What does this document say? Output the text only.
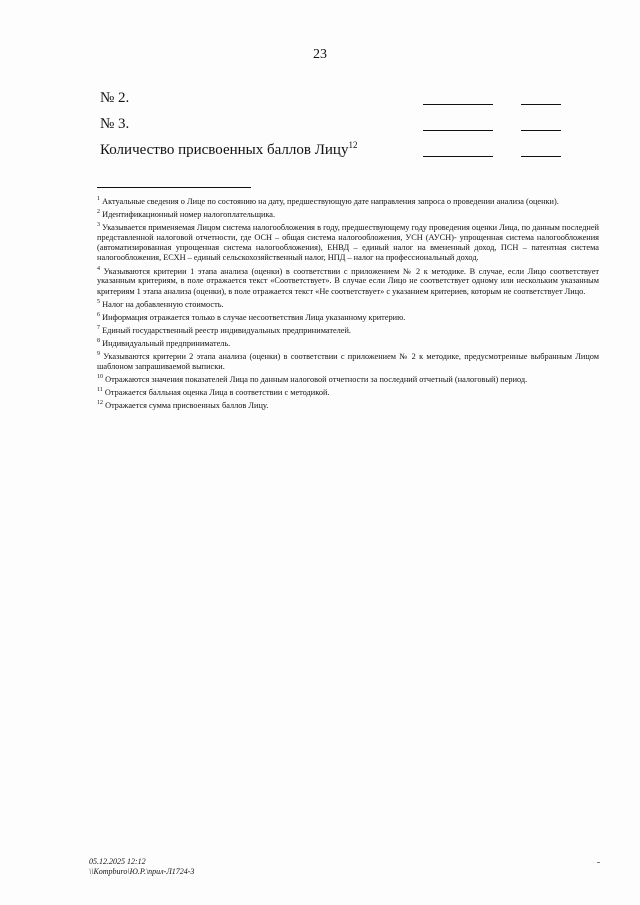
23
№ 2.
№ 3.
Количество присвоенных баллов Лицу$^{12}$

$^1$ Актуальные сведения о Лице по состоянию на дату, предшествующую дате направления запроса о проведении анализа (оценки).

$^2$ Идентификационный номер налогоплательщика.

$^3$ Указывается применяемая Лицом система налогообложения в году, предшествующему году проведения оценки Лица, по данным последней представленной налоговой отчетности, где ОСН – общая система налогообложения, УСН (АУСН)- упрощенная система налогообложения (автоматизированная упрощенная система налогообложения), ЕНВД – единый налог на вмененный доход, ПСН – патентная система налогообложения, ЕСХН – единый сельскохозяйственный налог, НПД – налог на профессиональный доход.

$^4$ Указываются критерии 1 этапа анализа (оценки) в соответствии с приложением № 2 к методике. В случае, если Лицо соответствует указанным критериям, в поле отражается текст «Соответствует». В случае если Лицо не соответствует одному или нескольким указанным критериям 1 этапа анализа (оценки), в поле отражается текст «Не соответствует» с указанием критериев, которым не соответствует Лицо.

$^5$ Налог на добавленную стоимость.

$^6$ Информация отражается только в случае несоответствия Лица указанному критерию.

$^7$ Единый государственный реестр индивидуальных предпринимателей.

$^8$ Индивидуальный предприниматель.

$^9$ Указываются критерии 2 этапа анализа (оценки) в соответствии с приложением № 2 к методике, предусмотренные выбранным Лицом шаблоном запрашиваемой выписки.

$^{10}$ Отражаются значения показателей Лица по данным налоговой отчетности за последний отчетный (налоговый) период.

$^{11}$ Отражается балльная оценка Лица в соответствии с методикой.

$^{12}$ Отражается сумма присвоенных баллов Лицу.

05.12.2025 12:12
\\Kompburo\Ю.Р.\прил-Л1724-3
